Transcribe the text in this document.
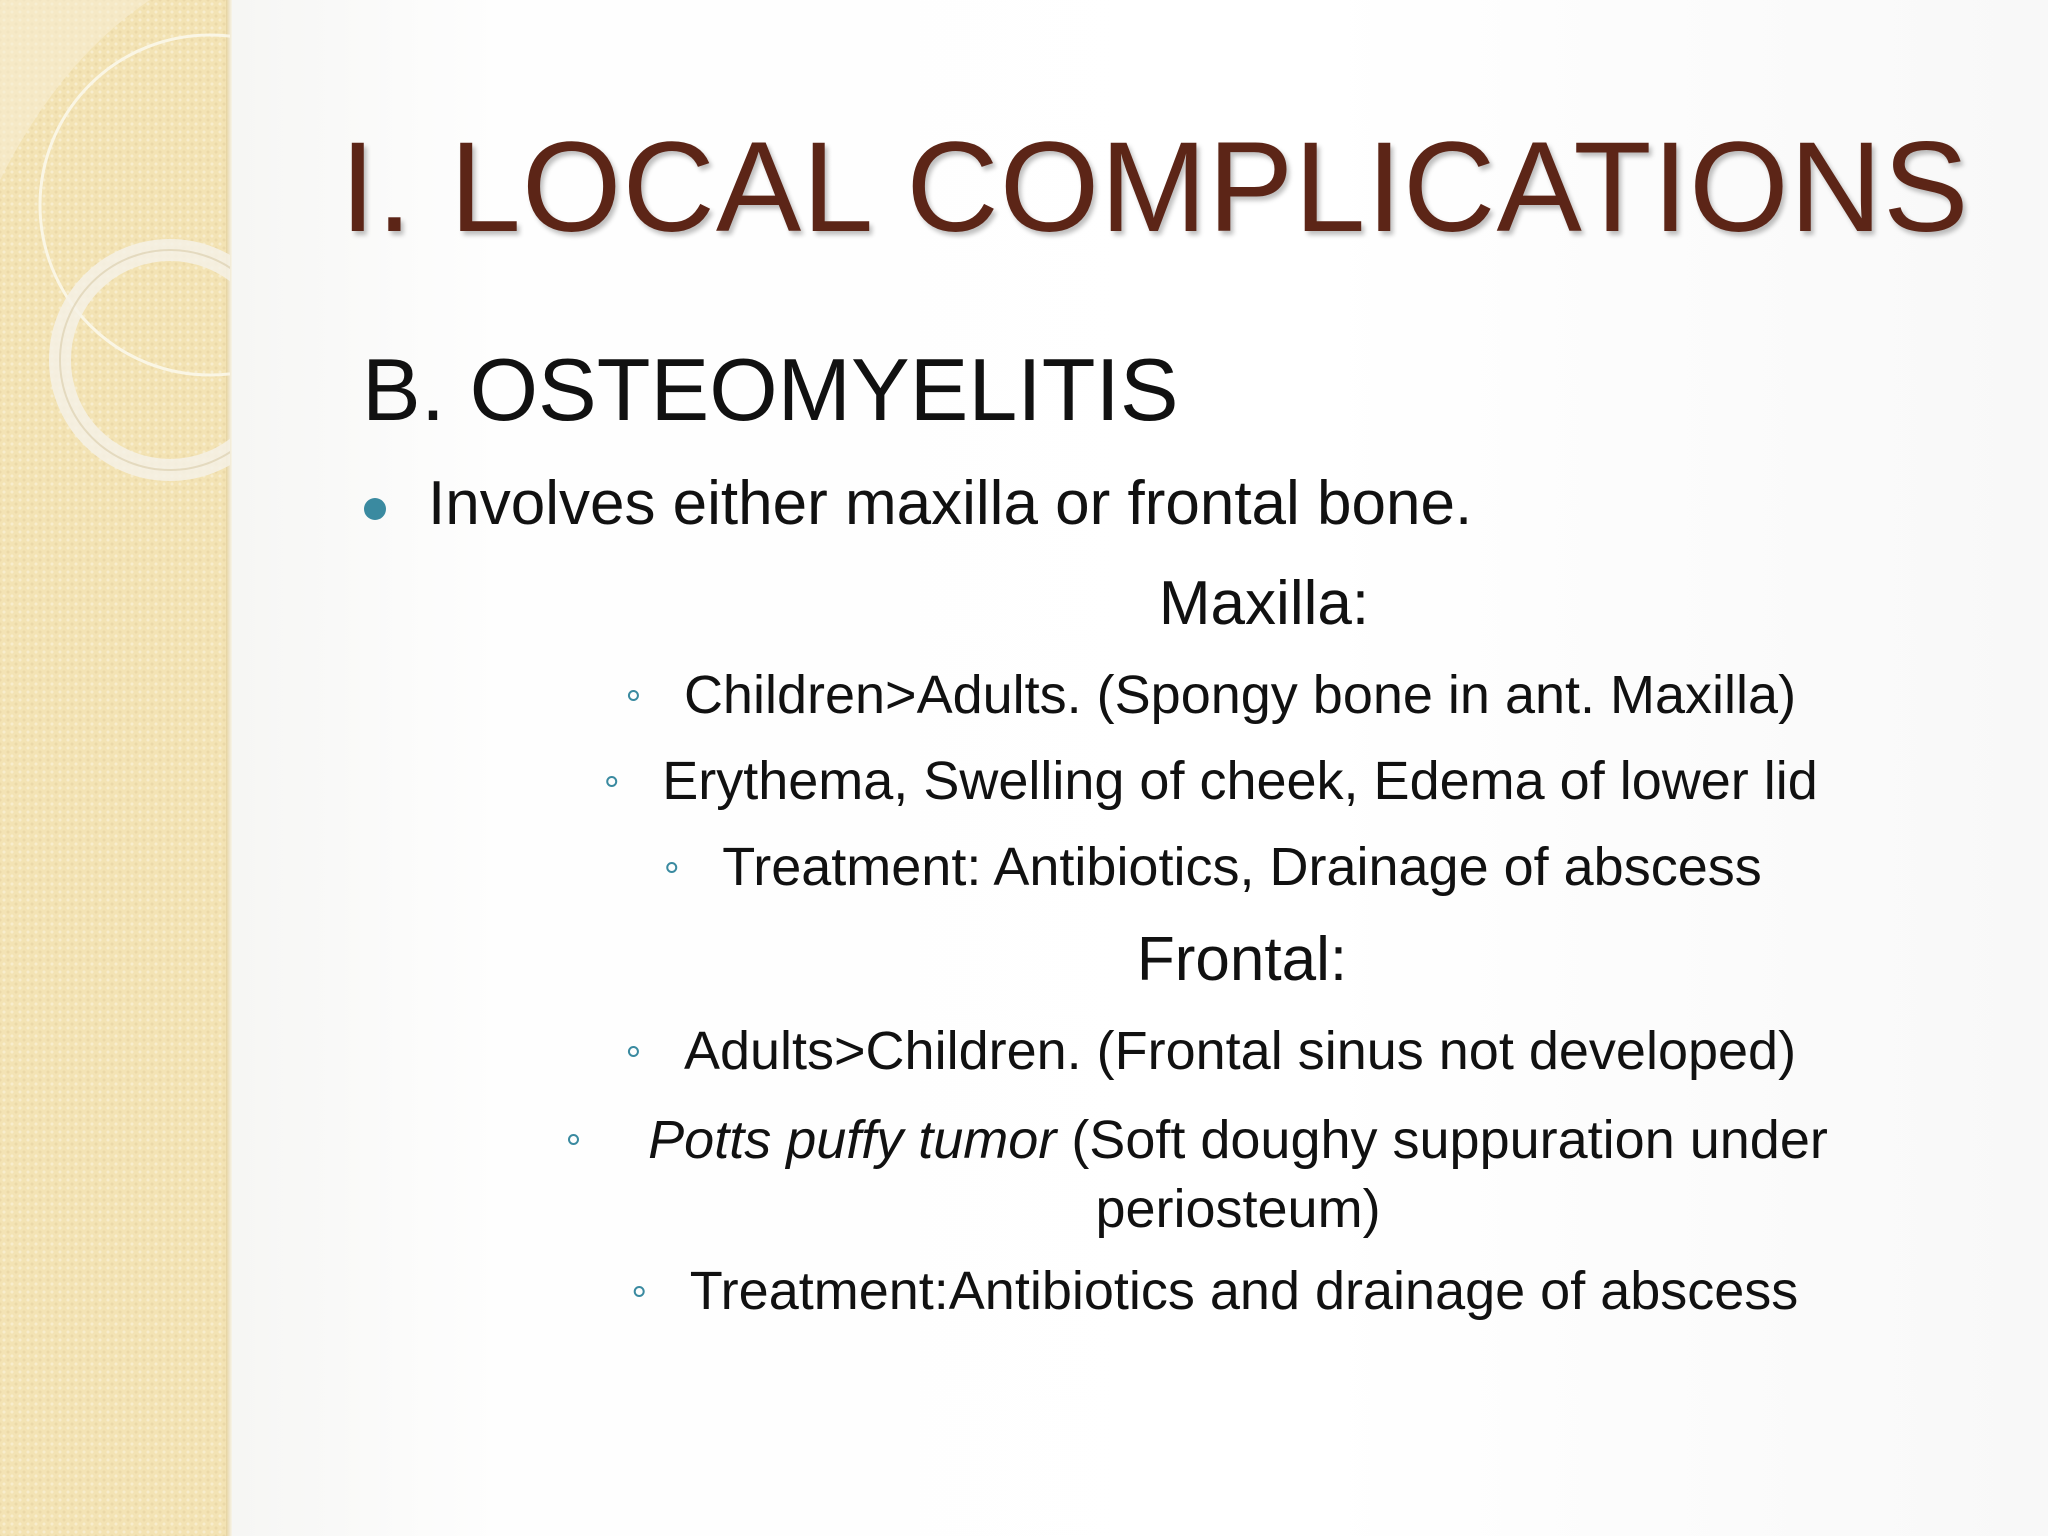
I. LOCAL COMPLICATIONS
B. OSTEOMYELITIS
Involves either maxilla or frontal bone.
Maxilla:
Children>Adults. (Spongy bone in ant. Maxilla)
Erythema, Swelling of cheek, Edema of lower lid
Treatment: Antibiotics, Drainage of abscess
Frontal:
Adults>Children. (Frontal sinus not developed)
Potts puffy tumor (Soft doughy suppuration under periosteum)
Treatment:Antibiotics and drainage of abscess
